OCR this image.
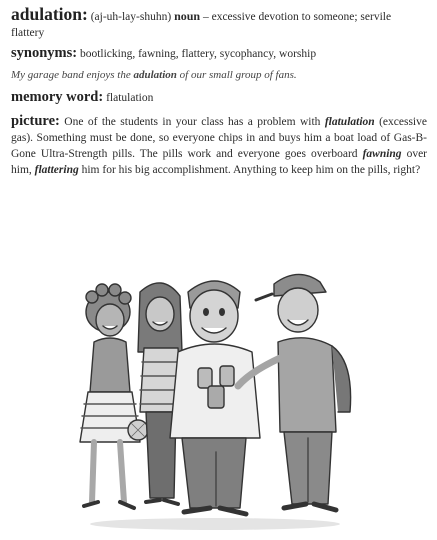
adulation: (aj-uh-lay-shuhn) noun – excessive devotion to someone; servile flattery

synonyms: bootlicking, fawning, flattery, sycophancy, worship

My garage band enjoys the adulation of our small group of fans.

memory word: flatulation

picture: One of the students in your class has a problem with flatulation (excessive gas). Something must be done, so everyone chips in and buys him a boat load of Gas-B-Gone Ultra-Strength pills. The pills work and everyone goes overboard fawning over him, flattering him for his big accomplishment. Anything to keep him on the pills, right?
